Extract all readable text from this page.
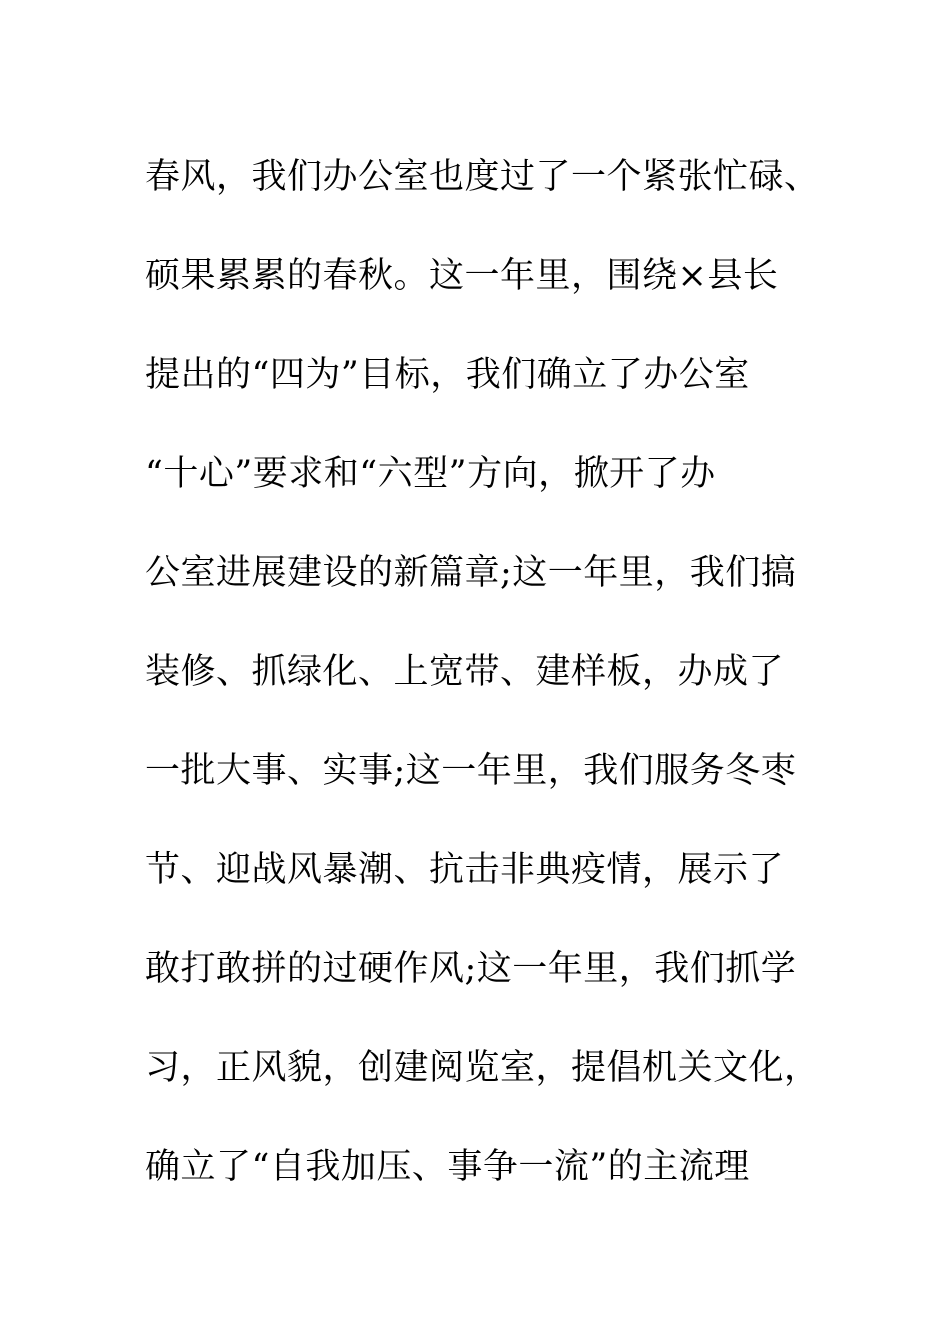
春风，我们办公室也度过了一个紧张忙碌、
硕果累累的春秋。这一年里，围绕×县长
提出的“四为”目标，我们确立了办公室
“十心”要求和“六型”方向，掀开了办
公室进展建设的新篇章;这一年里，我们搞
装修、抓绿化、上宽带、建样板，办成了
一批大事、实事;这一年里，我们服务冬枣
节、迎战风暴潮、抗击非典疫情，展示了
敢打敢拼的过硬作风;这一年里，我们抓学
习，正风貌，创建阅览室，提倡机关文化，
确立了“自我加压、事争一流”的主流理
